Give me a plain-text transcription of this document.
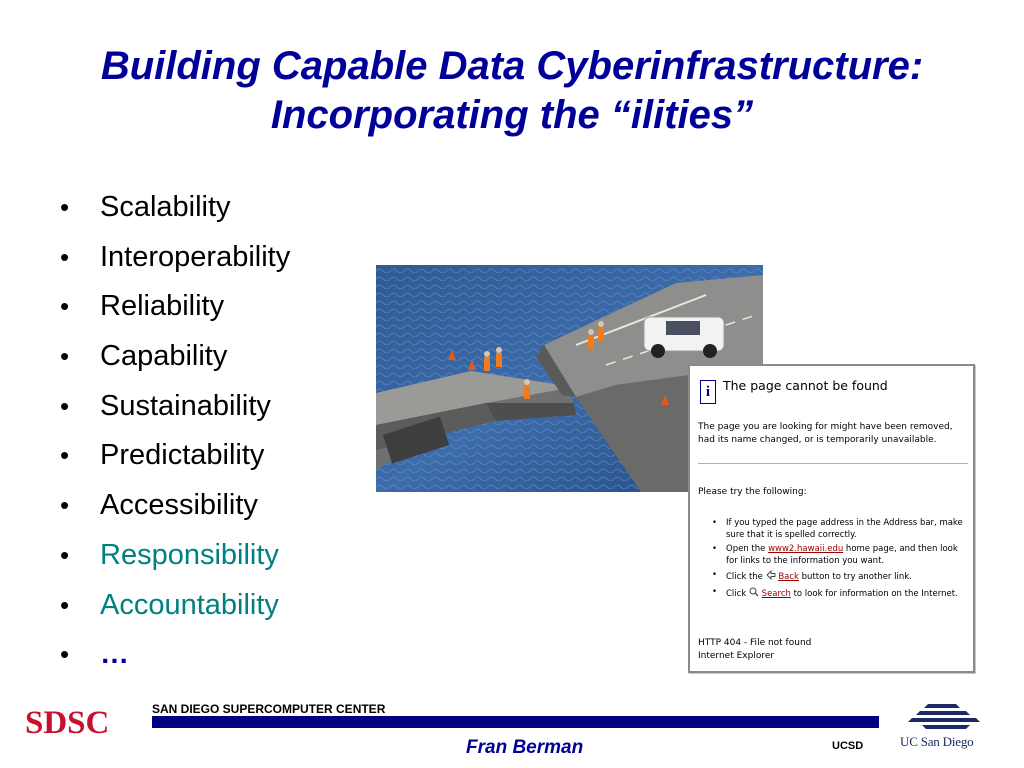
Building Capable Data Cyberinfrastructure:
Incorporating the “ilities”
• Scalability
• Interoperability
• Reliability
• Capability
• Sustainability
• Predictability
• Accessibility
• Responsibility
• Accountability
• …
i	The page cannot be found
The page you are looking for might have been removed, had its name changed, or is temporarily unavailable.
Please try the following:
• If you typed the page address in the Address bar, make sure that it is spelled correctly.
• Open the www2.hawaii.edu home page, and then look for links to the information you want.
• Click the  Back button to try another link.
• Click  Search to look for information on the Internet.
HTTP 404 - File not found
Internet Explorer
SDSC	SAN DIEGO SUPERCOMPUTER CENTER
Fran Berman	UCSD	UC San Diego
